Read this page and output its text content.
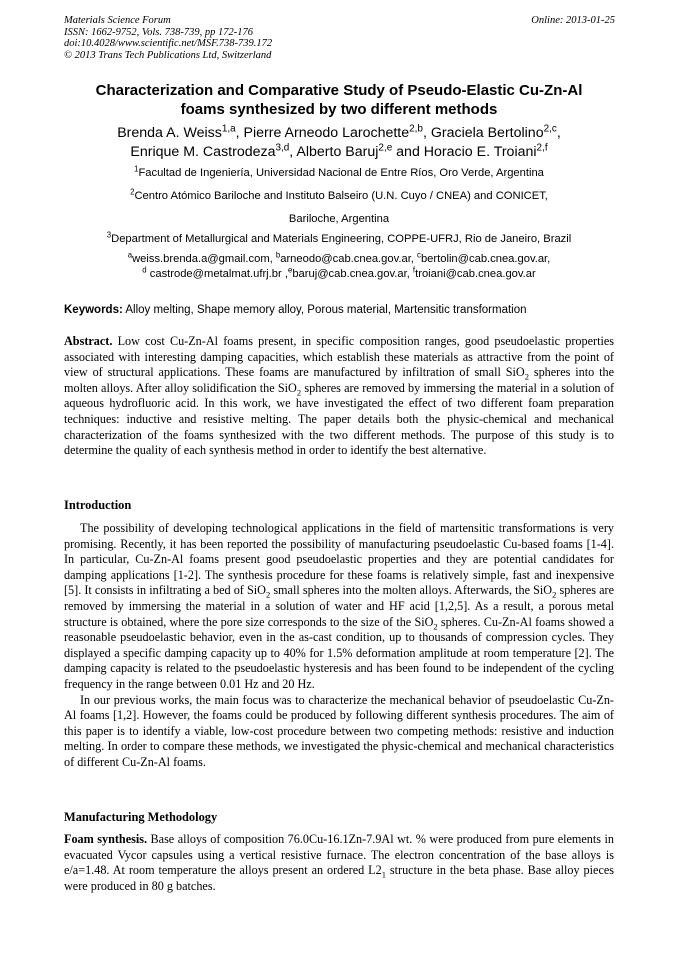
Materials Science Forum
ISSN: 1662-9752, Vols. 738-739, pp 172-176
doi:10.4028/www.scientific.net/MSF.738-739.172
© 2013 Trans Tech Publications Ltd, Switzerland
Online: 2013-01-25
Characterization and Comparative Study of Pseudo-Elastic Cu-Zn-Al
foams synthesized by two different methods
Brenda A. Weiss$^{1,a}$, Pierre Arneodo Larochette$^{2,b}$, Graciela Bertolino$^{2,c}$,
Enrique M. Castrodeza$^{3,d}$, Alberto Baruj$^{2,e}$ and Horacio E. Troiani$^{2,f}$
$^1$Facultad de Ingeniería, Universidad Nacional de Entre Ríos, Oro Verde, Argentina
$^2$Centro Atómico Bariloche and Instituto Balseiro (U.N. Cuyo / CNEA) and CONICET,
Bariloche, Argentina
$^3$Department of Metallurgical and Materials Engineering, COPPE-UFRJ, Rio de Janeiro, Brazil
$^a$weiss.brenda.a@gmail.com, $^b$arneodo@cab.cnea.gov.ar, $^c$bertolin@cab.cnea.gov.ar,
$^d$ castrode@metalmat.ufrj.br ,$^e$baruj@cab.cnea.gov.ar, $^f$troiani@cab.cnea.gov.ar
Keywords: Alloy melting, Shape memory alloy, Porous material, Martensitic transformation

Abstract. Low cost Cu-Zn-Al foams present, in specific composition ranges, good pseudoelastic properties associated with interesting damping capacities, which establish these materials as attractive from the point of view of structural applications. These foams are manufactured by infiltration of small SiO$_2$ spheres into the molten alloys. After alloy solidification the SiO$_2$ spheres are removed by immersing the material in a solution of aqueous hydrofluoric acid. In this work, we have investigated the effect of two different foam preparation techniques: inductive and resistive melting. The paper details both the physic-chemical and mechanical characterization of the foams synthesized with the two different methods. The purpose of this study is to determine the quality of each synthesis method in order to identify the best alternative.

Introduction

The possibility of developing technological applications in the field of martensitic transformations is very promising. Recently, it has been reported the possibility of manufacturing pseudoelastic Cu-based foams [1-4]. In particular, Cu-Zn-Al foams present good pseudoelastic properties and they are potential candidates for damping applications [1-2]. The synthesis procedure for these foams is relatively simple, fast and inexpensive [5]. It consists in infiltrating a bed of SiO$_2$ small spheres into the molten alloys. Afterwards, the SiO$_2$ spheres are removed by immersing the material in a solution of water and HF acid [1,2,5]. As a result, a porous metal structure is obtained, where the pore size corresponds to the size of the SiO$_2$ spheres. Cu-Zn-Al foams showed a reasonable pseudoelastic behavior, even in the as-cast condition, up to thousands of compression cycles. They displayed a specific damping capacity up to 40% for 1.5% deformation amplitude at room temperature [2]. The damping capacity is related to the pseudoelastic hysteresis and has been found to be independent of the cycling frequency in the range between 0.01 Hz and 20 Hz.

In our previous works, the main focus was to characterize the mechanical behavior of pseudoelastic Cu-Zn-Al foams [1,2]. However, the foams could be produced by following different synthesis procedures. The aim of this paper is to identify a viable, low-cost procedure between two competing methods: resistive and induction melting. In order to compare these methods, we investigated the physic-chemical and mechanical characteristics of different Cu-Zn-Al foams.

Manufacturing Methodology

Foam synthesis. Base alloys of composition 76.0Cu-16.1Zn-7.9Al wt. % were produced from pure elements in evacuated Vycor capsules using a vertical resistive furnace. The electron concentration of the base alloys is e/a=1.48. At room temperature the alloys present an ordered $L2_1$ structure in the beta phase. Base alloy pieces were produced in 80 g batches.
